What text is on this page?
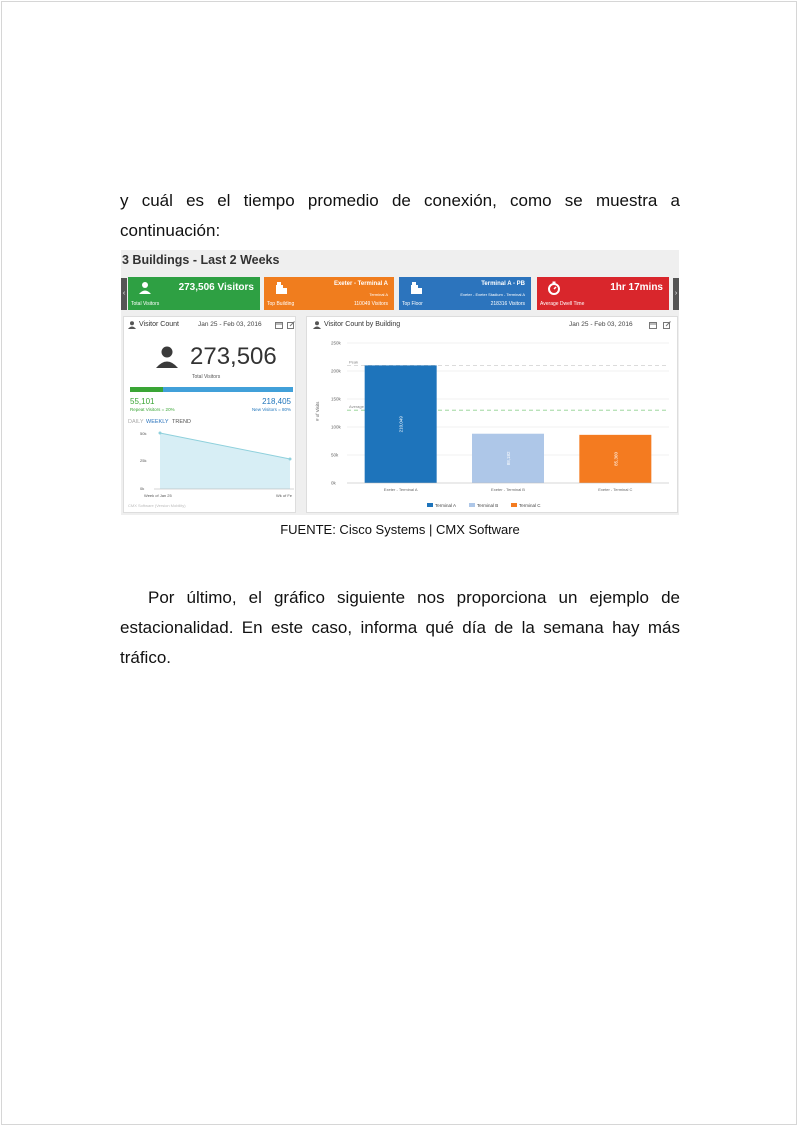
y cuál es el tiempo promedio de conexión, como se muestra a continuación:

3 Buildings - Last 2 Weeks
‹	›
273,506 Visitors
Total Visitors
Exeter - Terminal A
Terminal A
Top Building	110049 Visitors
Terminal A - PB
Exeter - Exeter Stadium - Terminal A
Top Floor	218316 Visitors
1hr 17mins
Average Dwell Time
Visitor Count	Jan 25 - Feb 03, 2016
273,506
Total Visitors
55,101
Repeat Visitors = 20%
218,405
New Visitors = 80%
DAILY WEEKLY TREND
50k
25k
0k
Week of Jan 25	Wk of Fe
CMX Software (Version Mobility)
Visitor Count by Building	Jan 25 - Feb 03, 2016
0k
50k
100k
150k
200k
250k
# of Visits
Peak
Average
210,049
Exeter - Terminal A
88,182
Exeter - Terminal B
85,360
Exeter - Terminal C
Terminal A	Terminal B	Terminal C
FUENTE: Cisco Systems | CMX Software

Por último, el gráfico siguiente nos proporciona un ejemplo de estacionalidad. En este caso, informa qué día de la semana hay más tráfico.
